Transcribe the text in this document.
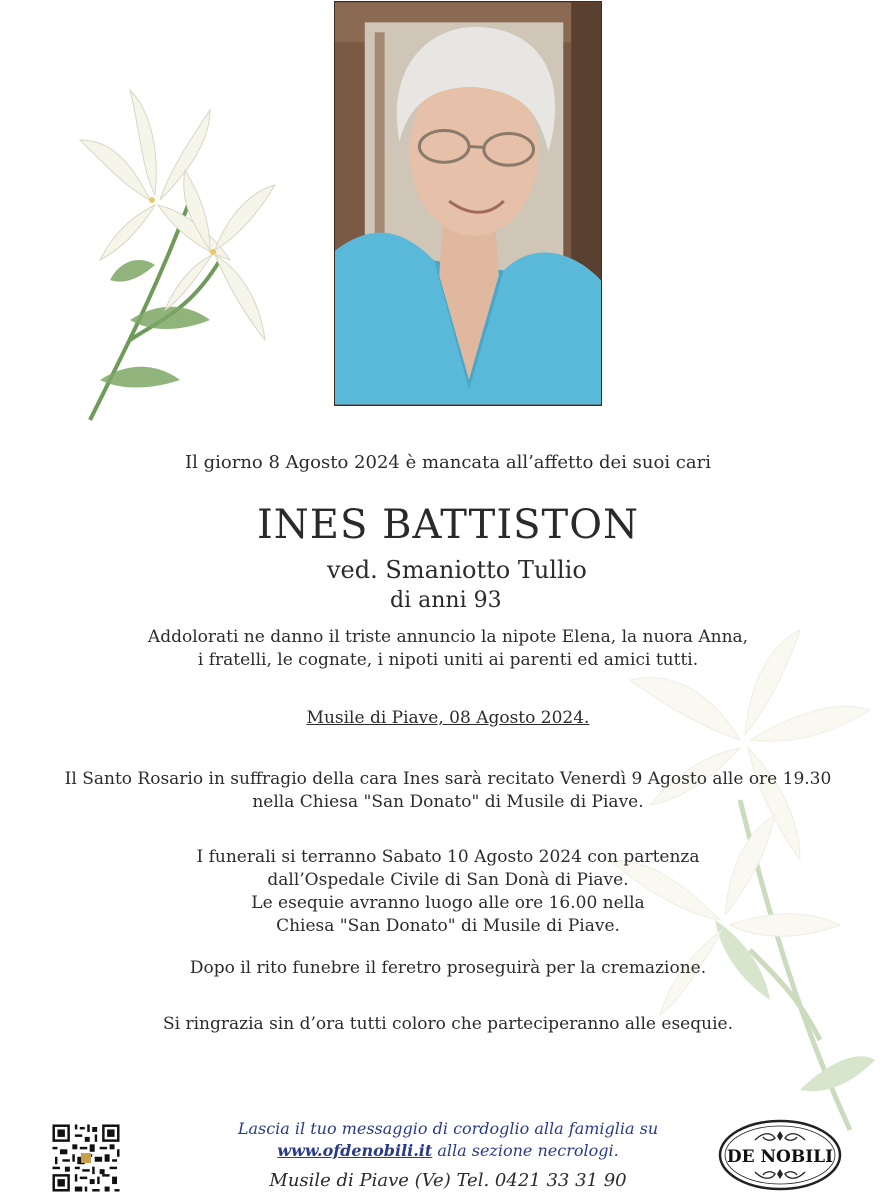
Il giorno 8 Agosto 2024 è mancata all’affetto dei suoi cari
INES BATTISTON
ved. Smaniotto Tullio
di anni 93
Addolorati ne danno il triste annuncio la nipote Elena, la nuora Anna,
i fratelli, le cognate, i nipoti uniti ai parenti ed amici tutti.
Musile di Piave, 08 Agosto 2024.
Il Santo Rosario in suffragio della cara Ines sarà recitato Venerdì 9 Agosto alle ore 19.30
nella Chiesa "San Donato" di Musile di Piave.
I funerali si terranno Sabato 10 Agosto 2024 con partenza
dall’Ospedale Civile di San Donà di Piave.
Le esequie avranno luogo alle ore 16.00 nella
Chiesa "San Donato" di Musile di Piave.
Dopo il rito funebre il feretro proseguirà per la cremazione.
Si ringrazia sin d’ora tutti coloro che parteciperanno alle esequie.
Lascia il tuo messaggio di cordoglio alla famiglia su
www.ofdenobili.it alla sezione necrologi.
Musile di Piave (Ve) Tel. 0421 33 31 90
DE NOBILI
